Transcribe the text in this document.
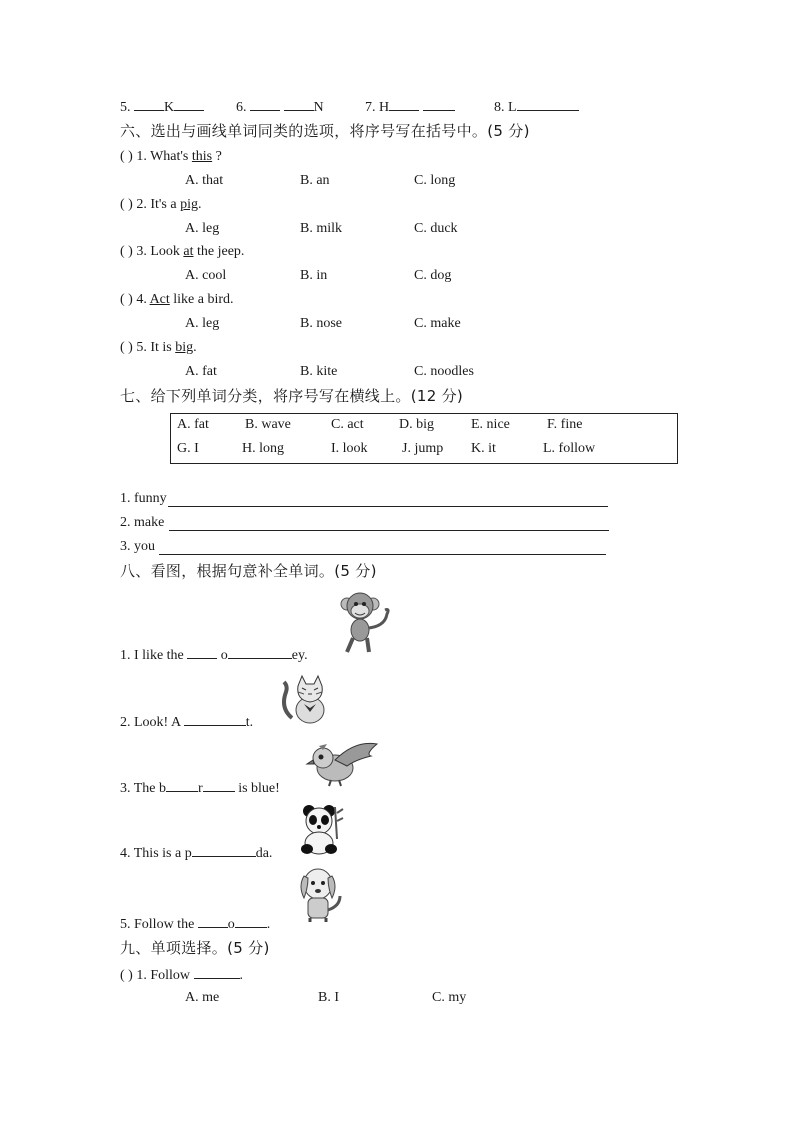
5. K	6.	N	7. H	8. L
六、选出与画线单词同类的选项，将序号写在括号中。(5 分)
( ) 1. What's this ?
A. that	B. an	C. long
( ) 2. It's a pig.
A. leg	B. milk	C. duck
( ) 3. Look at the jeep.
A. cool	B. in	C. dog
( ) 4. Act like a bird.
A. leg	B. nose	C. make
( ) 5. It is big.
A. fat	B. kite	C. noodles
七、给下列单词分类，将序号写在横线上。(12 分)
A. fat	B. wave	C. act	D. big	E. nice	F. fine
G. I	H. long	I. look J. jump K. it	L. follow
1. funny
2. make
3. you
八、看图，根据句意补全单词。(5 分)
1. I like the  o	ey.
2. Look! A	t.
3. The b r is blue!
4. This is a p	da.
5. Follow the o .
九、单项选择。(5 分)
( ) 1. Follow	.
A. me	B. I	C. my
